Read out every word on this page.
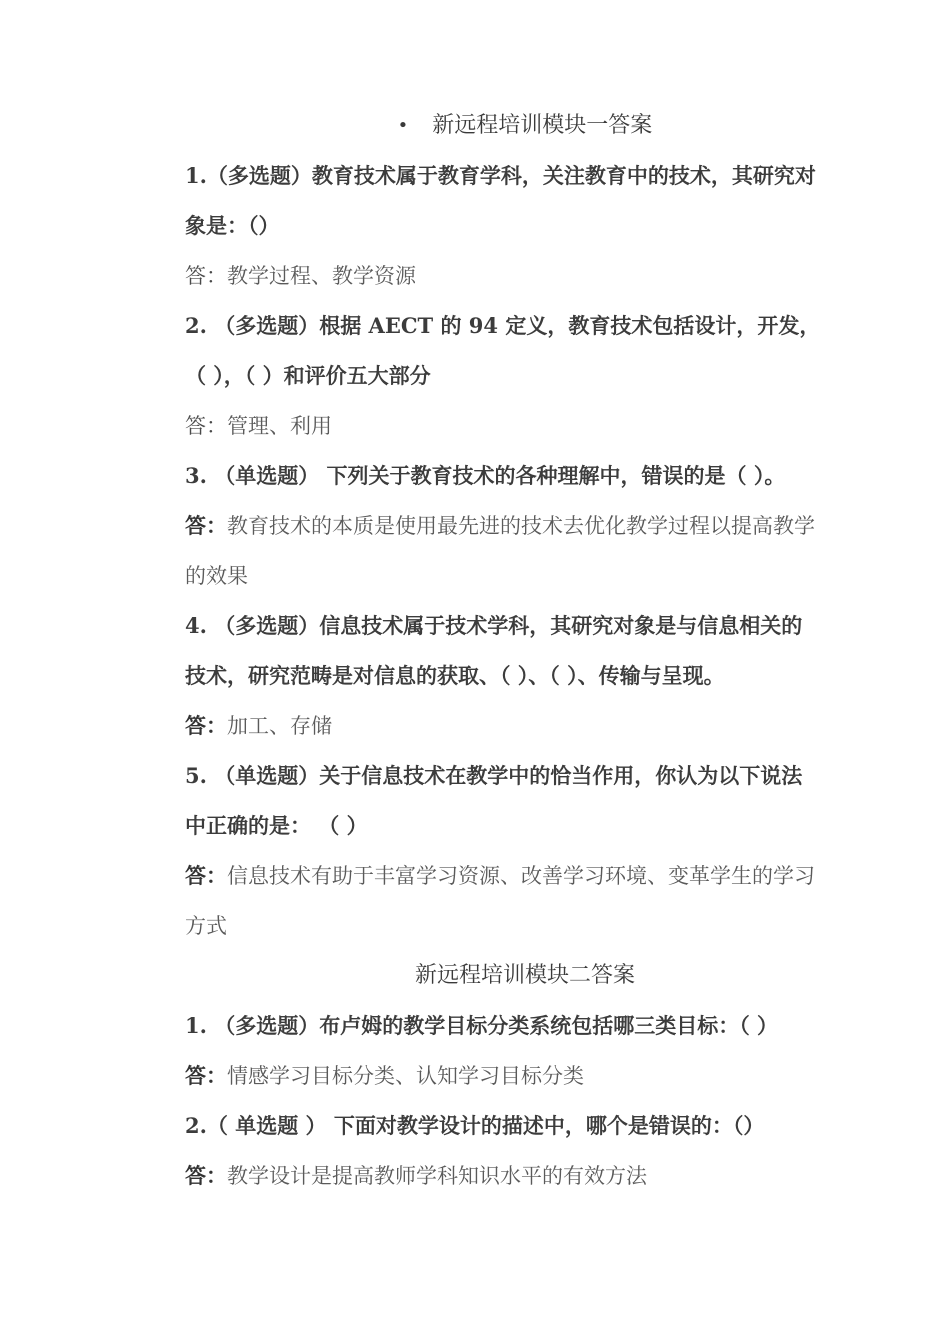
• 新远程培训模块一答案
1.（多选题）教育技术属于教育学科，关注教育中的技术，其研究对
象是：（）
答：教学过程、教学资源
2. （多选题）根据 AECT 的 94 定义，教育技术包括设计，开发，
（ ），（ ）和评价五大部分
答：管理、利用
3. （单选题） 下列关于教育技术的各种理解中，错误的是（ ）。
答：教育技术的本质是使用最先进的技术去优化教学过程以提高教学
的效果
4. （多选题）信息技术属于技术学科，其研究对象是与信息相关的
技术，研究范畴是对信息的获取、（ ）、（ ）、传输与呈现。
答：加工、存储
5. （单选题）关于信息技术在教学中的恰当作用，你认为以下说法
中正确的是： （ ）
答：信息技术有助于丰富学习资源、改善学习环境、变革学生的学习
方式
新远程培训模块二答案
1. （多选题）布卢姆的教学目标分类系统包括哪三类目标：（ ）
答：情感学习目标分类、认知学习目标分类
2.（ 单选题 ） 下面对教学设计的描述中，哪个是错误的：（）
答：教学设计是提高教师学科知识水平的有效方法
